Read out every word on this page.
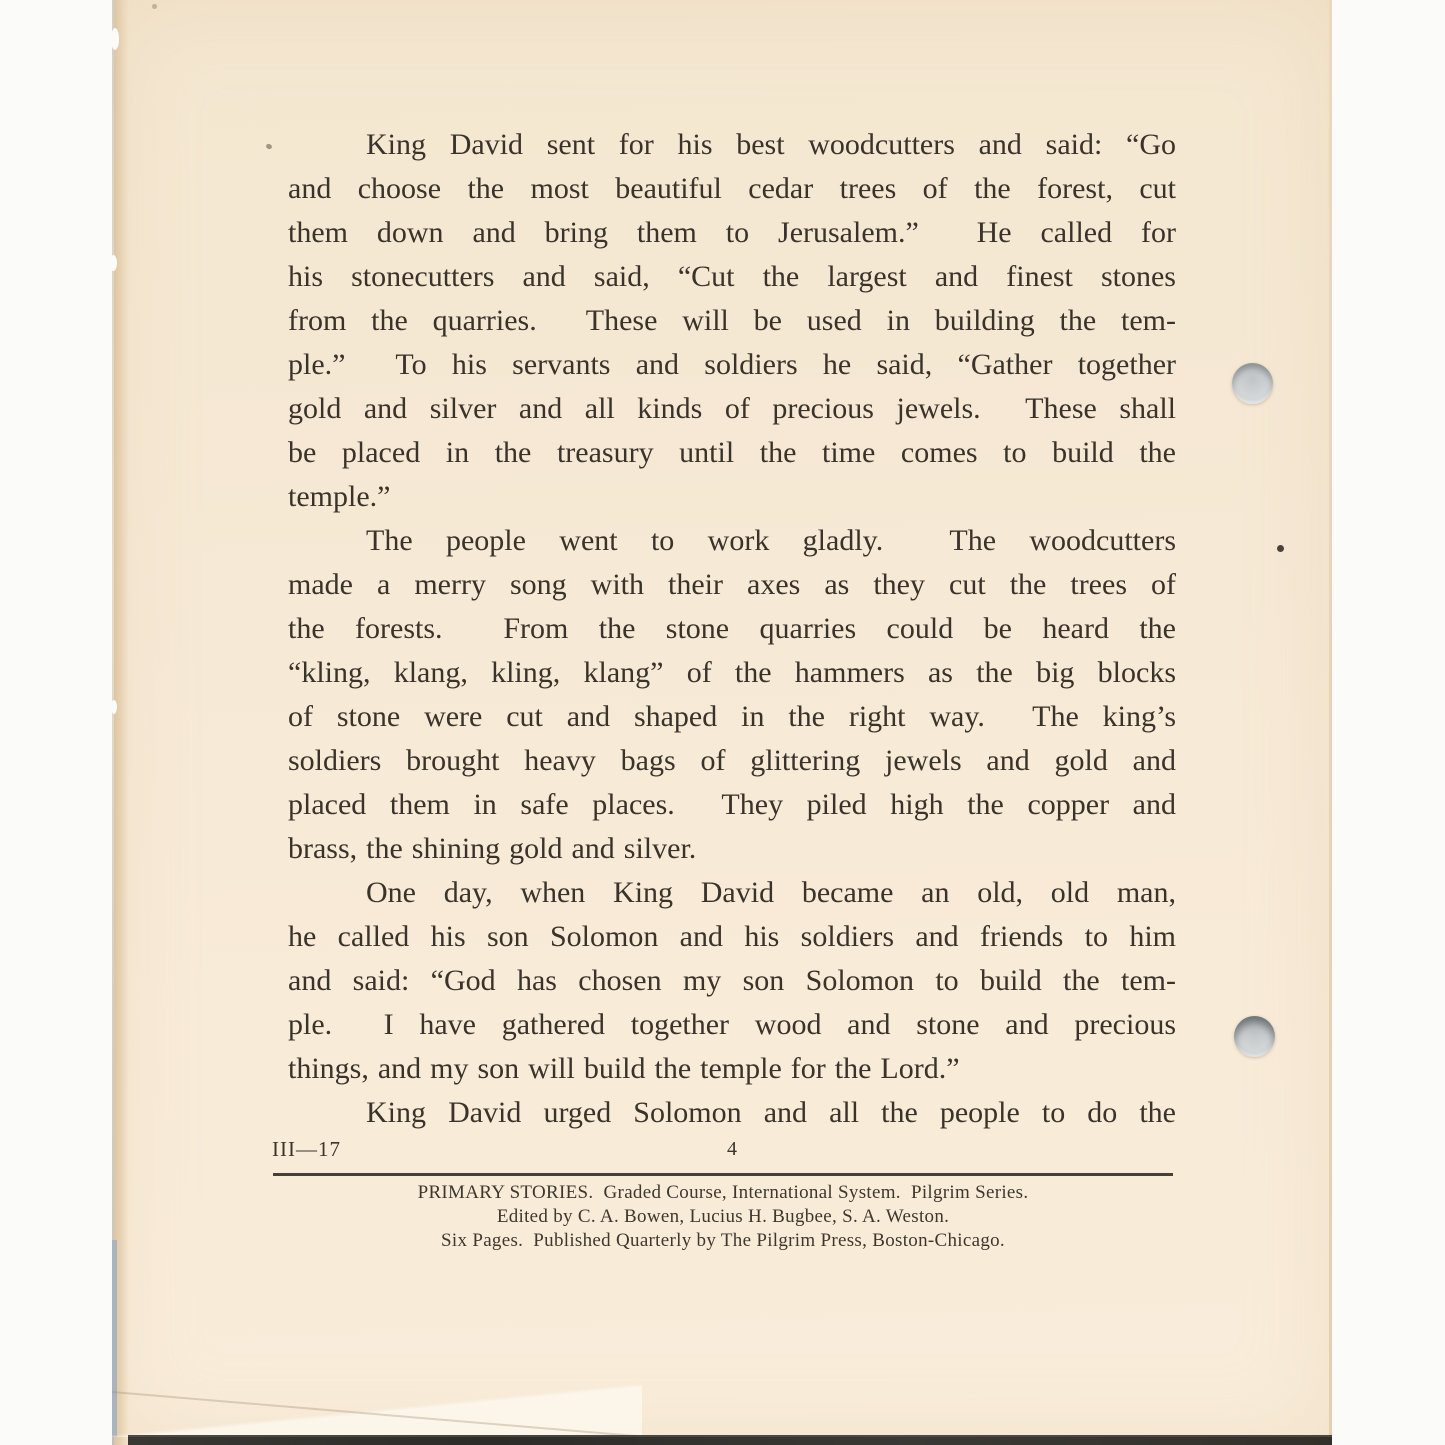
King David sent for his best woodcutters and said: “Go
and choose the most beautiful cedar trees of the forest, cut
them down and bring them to Jerusalem.”  He called for
his stonecutters and said, “Cut the largest and finest stones
from the quarries.  These will be used in building the tem-
ple.”  To his servants and soldiers he said, “Gather together
gold and silver and all kinds of precious jewels.  These shall
be placed in the treasury until the time comes to build the
temple.”
The people went to work gladly.  The woodcutters
made a merry song with their axes as they cut the trees of
the forests.  From the stone quarries could be heard the
“kling, klang, kling, klang” of the hammers as the big blocks
of stone were cut and shaped in the right way.  The king’s
soldiers brought heavy bags of glittering jewels and gold and
placed them in safe places.  They piled high the copper and
brass, the shining gold and silver.
One day, when King David became an old, old man,
he called his son Solomon and his soldiers and friends to him
and said: “God has chosen my son Solomon to build the tem-
ple.  I have gathered together wood and stone and precious
things, and my son will build the temple for the Lord.”
King David urged Solomon and all the people to do the
III—17	4
PRIMARY STORIES.  Graded Course, International System.  Pilgrim Series.
Edited by C. A. Bowen, Lucius H. Bugbee, S. A. Weston.
Six Pages.  Published Quarterly by The Pilgrim Press, Boston-Chicago.
